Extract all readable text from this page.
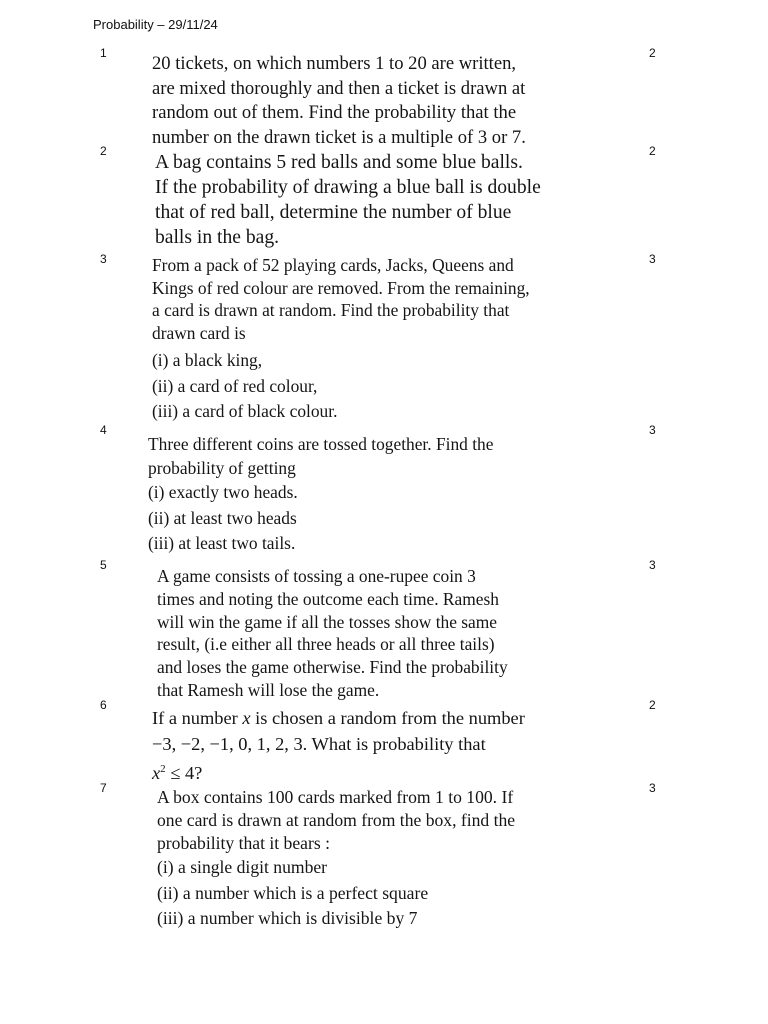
Probability – 29/11/24
1	2
20 tickets, on which numbers 1 to 20 are written,
are mixed thoroughly and then a ticket is drawn at
random out of them. Find the probability that the
number on the drawn ticket is a multiple of 3 or 7.
2	2
A bag contains 5 red balls and some blue balls.
If the probability of drawing a blue ball is double
that of red ball, determine the number of blue
balls in the bag.
3	3
From a pack of 52 playing cards, Jacks, Queens and
Kings of red colour are removed. From the remaining,
a card is drawn at random. Find the probability that
drawn card is
(i) a black king,
(ii) a card of red colour,
(iii) a card of black colour.
4	3
Three different coins are tossed together. Find the
probability of getting
(i) exactly two heads.
(ii) at least two heads
(iii) at least two tails.
5	3
A game consists of tossing a one-rupee coin 3
times and noting the outcome each time. Ramesh
will win the game if all the tosses show the same
result, (i.e either all three heads or all three tails)
and loses the game otherwise. Find the probability
that Ramesh will lose the game.
6	2
If a number x is chosen a random from the number
−3, −2, −1, 0, 1, 2, 3. What is probability that
$x^2 \le 4$?
7	3
A box contains 100 cards marked from 1 to 100. If
one card is drawn at random from the box, find the
probability that it bears :
(i) a single digit number
(ii) a number which is a perfect square
(iii) a number which is divisible by 7
